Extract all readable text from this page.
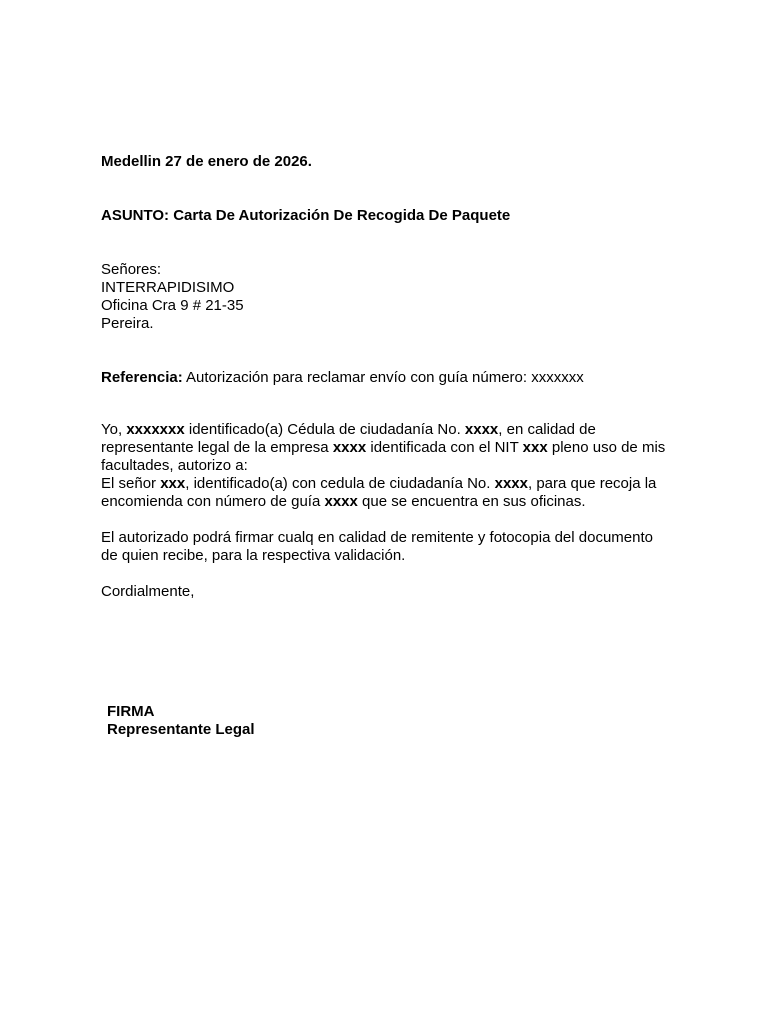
Medellin 27 de enero de 2026.
ASUNTO: Carta De Autorización De Recogida De Paquete
Señores:
INTERRAPIDISIMO
Oficina Cra 9 # 21-35
Pereira.
Referencia: Autorización para reclamar envío con guía número: xxxxxxx
Yo, xxxxxxx identificado(a) Cédula de ciudadanía No. xxxx, en calidad de
representante legal de la empresa xxxx identificada con el NIT xxx pleno uso de mis
facultades, autorizo a:
El señor xxx, identificado(a) con cedula de ciudadanía No. xxxx, para que recoja la
encomienda con número de guía xxxx que se encuentra en sus oficinas.
El autorizado podrá firmar cualq en calidad de remitente y fotocopia del documento
de quien recibe, para la respectiva validación.
Cordialmente,
FIRMA
Representante Legal
